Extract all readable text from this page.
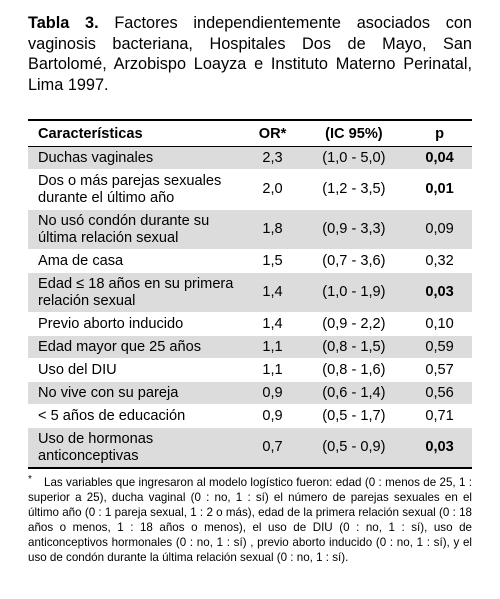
Tabla 3. Factores independientemente asociados con vaginosis bacteriana, Hospitales Dos de Mayo, San Bartolomé, Arzobispo Loayza e Instituto Materno Perinatal, Lima 1997.
Características	OR*	(IC 95%)	p
Duchas vaginales	2,3	(1,0 - 5,0)	0,04
Dos o más parejas sexuales durante el último año	2,0	(1,2 - 3,5)	0,01
No usó condón durante su última relación sexual	1,8	(0,9 - 3,3)	0,09
Ama de casa	1,5	(0,7 - 3,6)	0,32
Edad ≤ 18 años en su primera relación sexual	1,4	(1,0 - 1,9)	0,03
Previo aborto inducido	1,4	(0,9 - 2,2)	0,10
Edad mayor que 25 años	1,1	(0,8 - 1,5)	0,59
Uso del DIU	1,1	(0,8 - 1,6)	0,57
No vive con su pareja	0,9	(0,6 - 1,4)	0,56
< 5 años de educación	0,9	(0,5 - 1,7)	0,71
Uso de hormonas anticonceptivas	0,7	(0,5 - 0,9)	0,03
*	Las variables que ingresaron al modelo logístico fueron: edad (0 : menos de 25, 1 : superior a 25), ducha vaginal (0 : no, 1 : sí) el número de parejas sexuales en el último año (0 : 1 pareja sexual, 1 : 2 o más), edad de la primera relación sexual (0 : 18 años o menos, 1 : 18 años o menos), el uso de DIU (0 : no, 1 : sí), uso de anticonceptivos hormonales (0 : no, 1 : sí) , previo aborto inducido (0 : no, 1 : sí), y el uso de condón durante la última relación sexual (0 : no, 1 : sí).
